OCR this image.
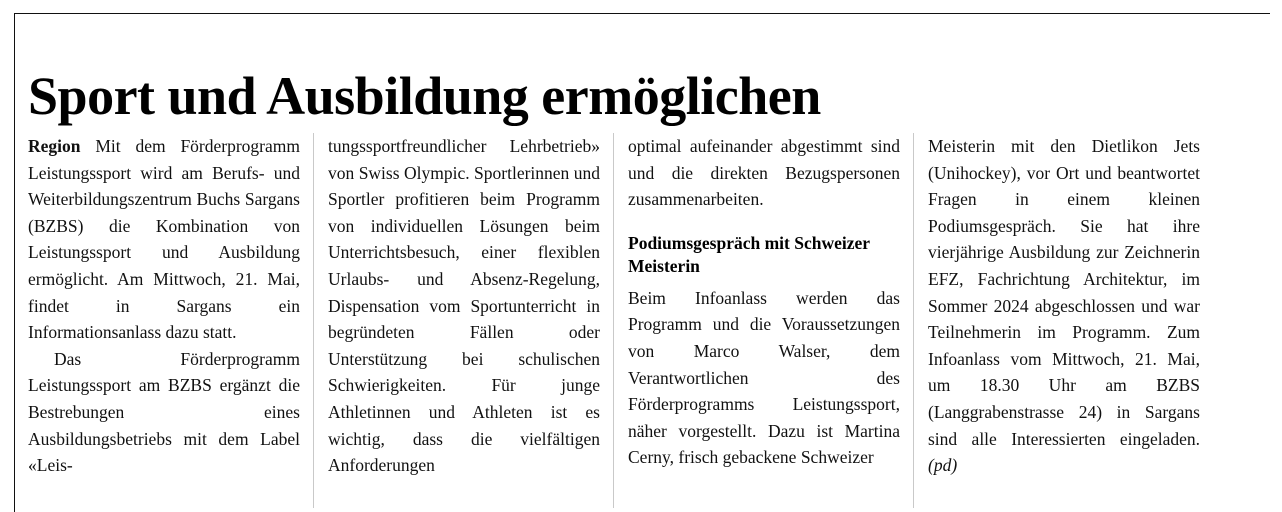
Sport und Ausbildung ermöglichen

Region Mit dem Förderprogramm Leistungssport wird am Berufs- und Weiterbildungszentrum Buchs Sargans (BZBS) die Kombination von Leistungssport und Ausbildung ermöglicht. Am Mittwoch, 21. Mai, findet in Sargans ein Informationsanlass dazu statt.

Das Förderprogramm Leistungssport am BZBS ergänzt die Bestrebungen eines Ausbildungsbetriebs mit dem Label «Leis-

tungssportfreundlicher Lehrbetrieb» von Swiss Olympic. Sportlerinnen und Sportler profitieren beim Programm von individuellen Lösungen beim Unterrichtsbesuch, einer flexiblen Urlaubs- und Absenz-Regelung, Dispensation vom Sportunterricht in begründeten Fällen oder Unterstützung bei schulischen Schwierigkeiten. Für junge Athletinnen und Athleten ist es wichtig, dass die vielfältigen Anforderungen

optimal aufeinander abgestimmt sind und die direkten Bezugspersonen zusammenarbeiten.

Podiumsgespräch mit Schweizer Meisterin

Beim Infoanlass werden das Programm und die Voraussetzungen von Marco Walser, dem Verantwortlichen des Förderprogramms Leistungssport, näher vorgestellt. Dazu ist Martina Cerny, frisch gebackene Schweizer

Meisterin mit den Dietlikon Jets (Unihockey), vor Ort und beantwortet Fragen in einem kleinen Podiumsgespräch. Sie hat ihre vierjährige Ausbildung zur Zeichnerin EFZ, Fachrichtung Architektur, im Sommer 2024 abgeschlossen und war Teilnehmerin im Programm. Zum Infoanlass vom Mittwoch, 21. Mai, um 18.30 Uhr am BZBS (Langgrabenstrasse 24) in Sargans sind alle Interessierten eingeladen. (pd)
